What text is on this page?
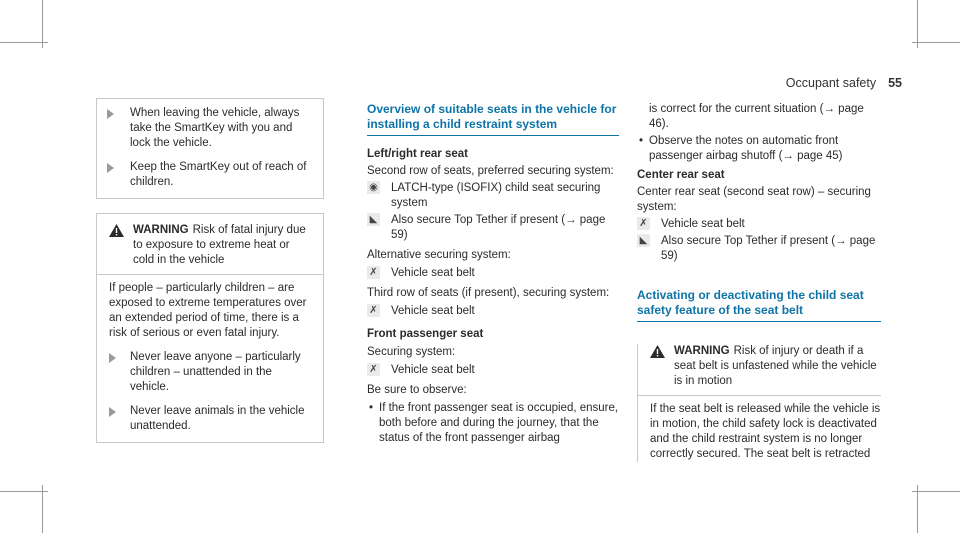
Occupant safety 55

When leaving the vehicle, always take the SmartKey with you and lock the vehicle.

Keep the SmartKey out of reach of children.

WARNING Risk of fatal injury due to exposure to extreme heat or cold in the vehicle

If people – particularly children – are exposed to extreme temperatures over an extended period of time, there is a risk of serious or even fatal injury.

Never leave anyone – particularly children – unattended in the vehicle.

Never leave animals in the vehicle unattended.

Overview of suitable seats in the vehicle for installing a child restraint system

Left/right rear seat

Second row of seats, preferred securing system:

◉ LATCH-type (ISOFIX) child seat securing system

◣ Also secure Top Tether if present (→ page 59)

Alternative securing system:

✗ Vehicle seat belt

Third row of seats (if present), securing system:

✗ Vehicle seat belt

Front passenger seat

Securing system:

✗ Vehicle seat belt

Be sure to observe:

• If the front passenger seat is occupied, ensure, both before and during the journey, that the status of the front passenger airbag

is correct for the current situation (→ page 46).

• Observe the notes on automatic front passenger airbag shutoff (→ page 45)

Center rear seat

Center rear seat (second seat row) – securing system:

✗ Vehicle seat belt

◣ Also secure Top Tether if present (→ page 59)

Activating or deactivating the child seat safety feature of the seat belt

WARNING Risk of injury or death if a seat belt is unfastened while the vehicle is in motion

If the seat belt is released while the vehicle is in motion, the child safety lock is deactivated and the child restraint system is no longer correctly secured. The seat belt is retracted
